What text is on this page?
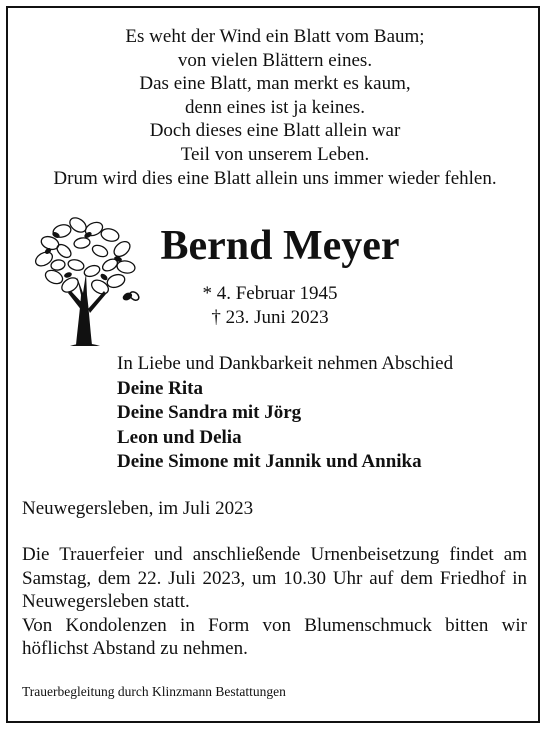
Es weht der Wind ein Blatt vom Baum;
von vielen Blättern eines.
Das eine Blatt, man merkt es kaum,
denn eines ist ja keines.
Doch dieses eine Blatt allein war
Teil von unserem Leben.
Drum wird dies eine Blatt allein uns immer wieder fehlen.
Bernd Meyer
* 4. Februar 1945
† 23. Juni 2023
In Liebe und Dankbarkeit nehmen Abschied
Deine Rita
Deine Sandra mit Jörg
Leon und Delia
Deine Simone mit Jannik und Annika
Neuwegersleben, im Juli 2023

Die Trauerfeier und anschließende Urnenbeisetzung findet am Samstag, dem 22. Juli 2023, um 10.30 Uhr auf dem Friedhof in Neuwegersleben statt.

Von Kondolenzen in Form von Blumenschmuck bitten wir höflichst Abstand zu nehmen.

Trauerbegleitung durch Klinzmann Bestattungen
